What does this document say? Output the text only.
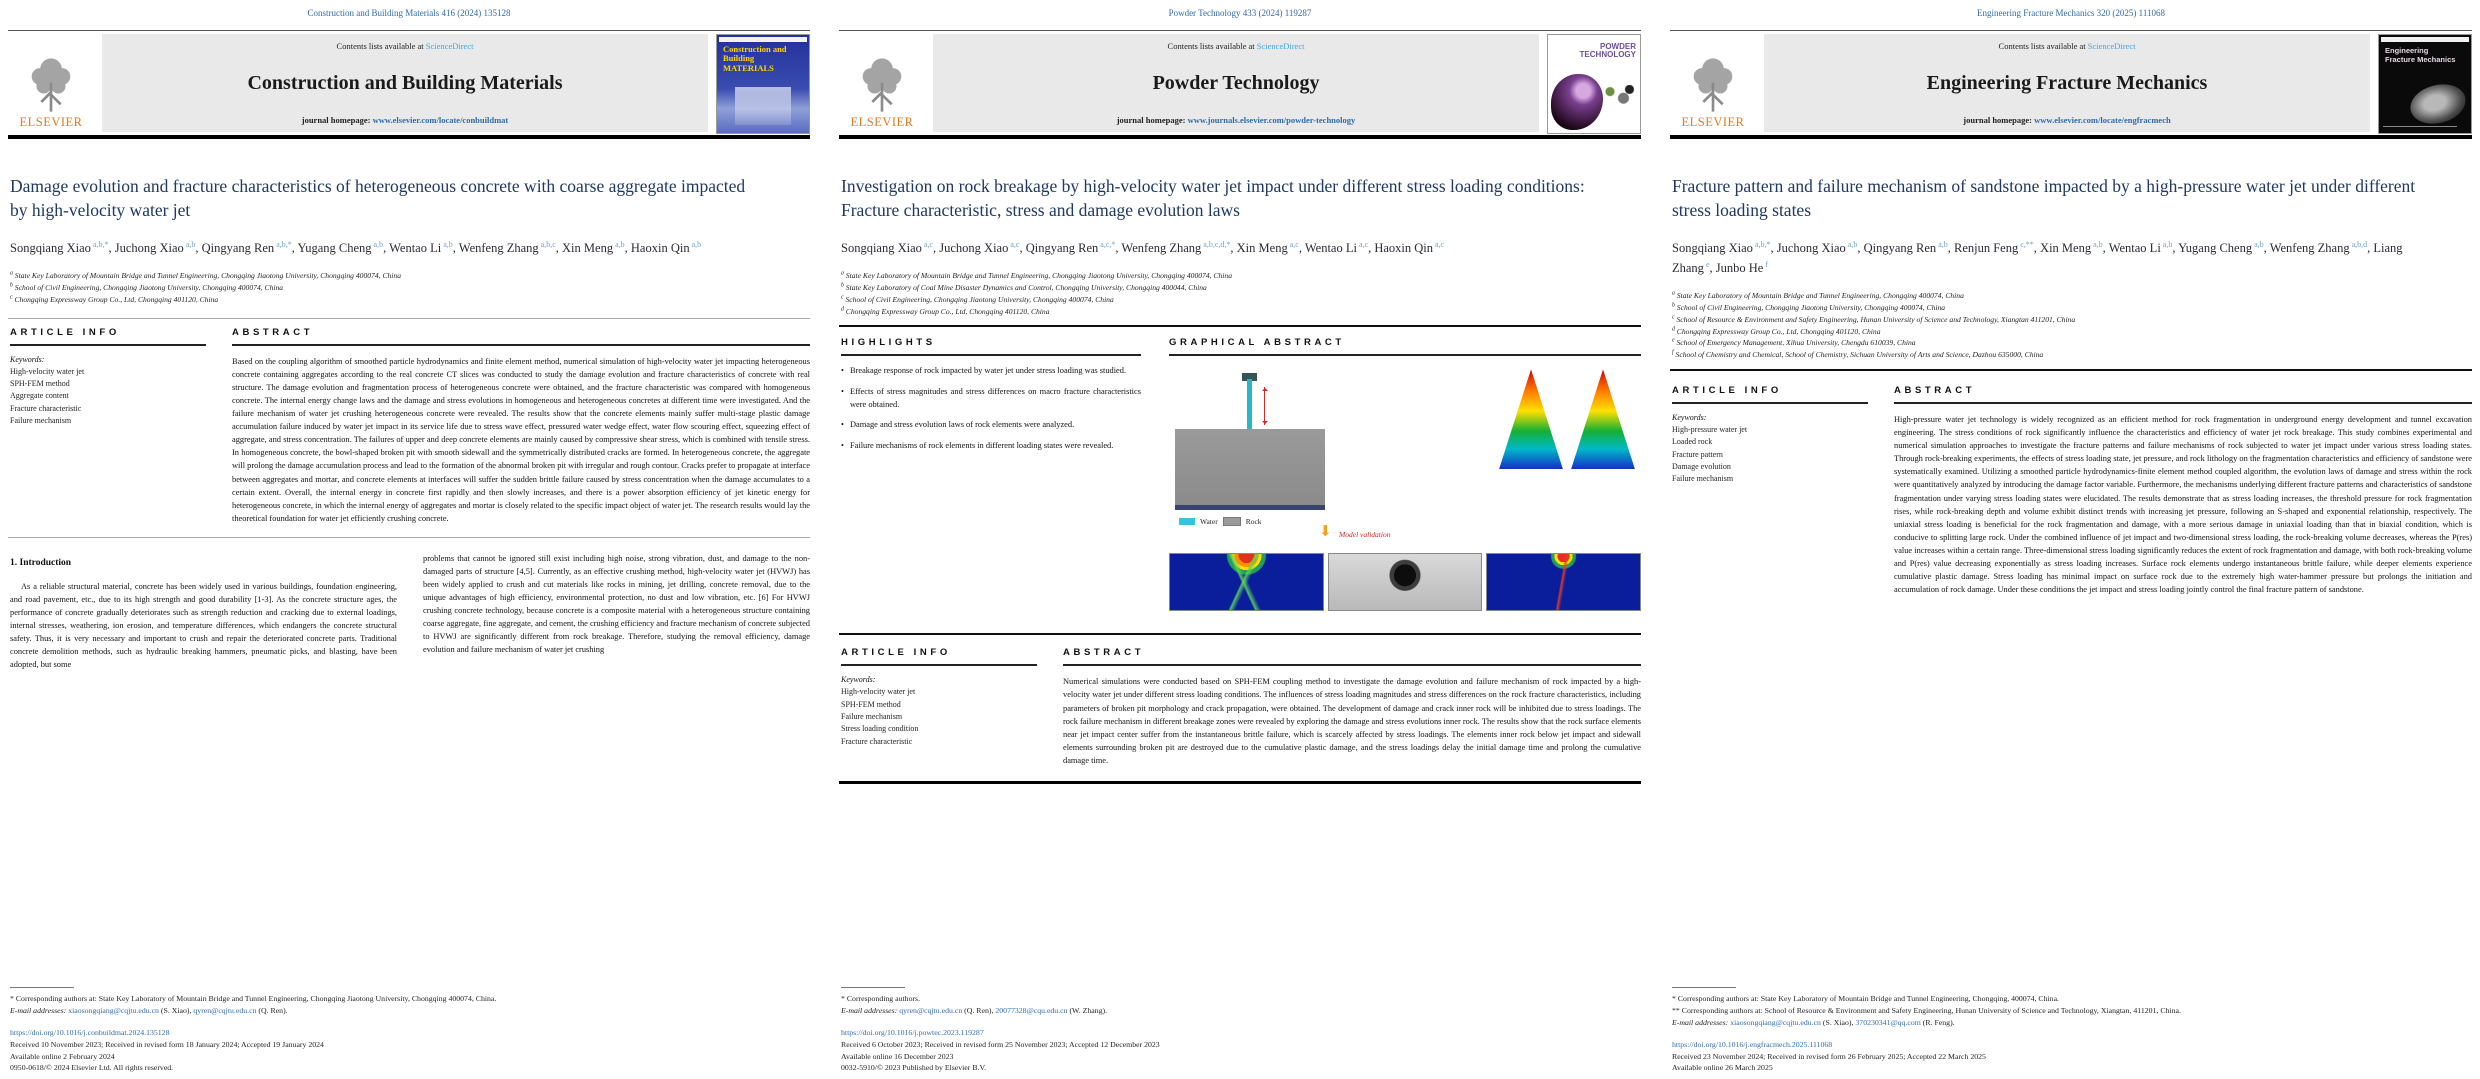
Construction and Building Materials 416 (2024) 135128
ELSEVIER
Contents lists available at ScienceDirect
Construction and Building Materials
journal homepage: www.elsevier.com/locate/conbuildmat
Construction and Building
MATERIALS
Damage evolution and fracture characteristics of heterogeneous concrete with coarse aggregate impacted by high-velocity water jet
Songqiang Xiao $^{a,b,*}$, Juchong Xiao $^{a,b}$, Qingyang Ren $^{a,b,*}$, Yugang Cheng $^{a,b}$, Wentao Li $^{a,b}$, Wenfeng Zhang $^{a,b,c}$, Xin Meng $^{a,b}$, Haoxin Qin $^{a,b}$
$^a$ State Key Laboratory of Mountain Bridge and Tunnel Engineering, Chongqing Jiaotong University, Chongqing 400074, China
$^b$ School of Civil Engineering, Chongqing Jiaotong University, Chongqing 400074, China
$^c$ Chongqing Expressway Group Co., Ltd, Chongqing 401120, China
ARTICLE INFO
Keywords:
High-velocity water jet
SPH-FEM method
Aggregate content
Fracture characteristic
Failure mechanism
ABSTRACT

Based on the coupling algorithm of smoothed particle hydrodynamics and finite element method, numerical simulation of high-velocity water jet impacting heterogeneous concrete containing aggregates according to the real concrete CT slices was conducted to study the damage evolution and fracture characteristics of concrete with real structure. The damage evolution and fragmentation process of heterogeneous concrete were obtained, and the fracture characteristic was compared with homogeneous concrete. The internal energy change laws and the damage and stress evolutions in homogeneous and heterogeneous concretes at different time were investigated. And the failure mechanism of water jet crushing heterogeneous concrete were revealed. The results show that the concrete elements mainly suffer multi-stage plastic damage accumulation failure induced by water jet impact in its service life due to stress wave effect, pressured water wedge effect, water flow scouring effect, squeezing effect of aggregate, and stress concentration. The failures of upper and deep concrete elements are mainly caused by compressive shear stress, which is combined with tensile stress. In homogeneous concrete, the bowl-shaped broken pit with smooth sidewall and the symmetrically distributed cracks are formed. In heterogeneous concrete, the aggregate will prolong the damage accumulation process and lead to the formation of the abnormal broken pit with irregular and rough contour. Cracks prefer to propagate at interface between aggregates and mortar, and concrete elements at interfaces will suffer the sudden brittle failure caused by stress concentration when the damage accumulates to a certain extent. Overall, the internal energy in concrete first rapidly and then slowly increases, and there is a power absorption efficiency of jet kinetic energy for heterogeneous concrete, in which the internal energy of aggregates and mortar is closely related to the specific impact object of water jet. The research results would lay the theoretical foundation for water jet efficiently crushing concrete.

1. Introduction

As a reliable structural material, concrete has been widely used in various buildings, foundation engineering, and road pavement, etc., due to its high strength and good durability [1-3]. As the concrete structure ages, the performance of concrete gradually deteriorates such as strength reduction and cracking due to external loadings, internal stresses, weathering, ion erosion, and temperature differences, which endangers the concrete structural safety. Thus, it is very necessary and important to crush and repair the deteriorated concrete parts. Traditional concrete demolition methods, such as hydraulic breaking hammers, pneumatic picks, and blasting, have been adopted, but some

problems that cannot be ignored still exist including high noise, strong vibration, dust, and damage to the non-damaged parts of structure [4,5]. Currently, as an effective crushing method, high-velocity water jet (HVWJ) has been widely applied to crush and cut materials like rocks in mining, jet drilling, concrete removal, due to the unique advantages of high efficiency, environmental protection, no dust and low vibration, etc. [6] For HVWJ crushing concrete technology, because concrete is a composite material with a heterogeneous structure containing coarse aggregate, fine aggregate, and cement, the crushing efficiency and fracture mechanism of concrete subjected to HVWJ are significantly different from rock breakage. Therefore, studying the removal efficiency, damage evolution and failure mechanism of water jet crushing

* Corresponding authors at: State Key Laboratory of Mountain Bridge and Tunnel Engineering, Chongqing Jiaotong University, Chongqing 400074, China.
E-mail addresses: xiaosongqiang@cqjtu.edu.cn (S. Xiao), qyren@cqjtu.edu.cn (Q. Ren).
https://doi.org/10.1016/j.conbuildmat.2024.135128
Received 10 November 2023; Received in revised form 18 January 2024; Accepted 19 January 2024
Available online 2 February 2024
0950-0618/© 2024 Elsevier Ltd. All rights reserved.
Powder Technology 433 (2024) 119287
ELSEVIER
Contents lists available at ScienceDirect
Powder Technology
journal homepage: www.journals.elsevier.com/powder-technology
POWDER
TECHNOLOGY
Investigation on rock breakage by high-velocity water jet impact under different stress loading conditions: Fracture characteristic, stress and damage evolution laws
Songqiang Xiao $^{a,c}$, Juchong Xiao $^{a,c}$, Qingyang Ren $^{a,c,*}$, Wenfeng Zhang $^{a,b,c,d,*}$, Xin Meng $^{a,c}$, Wentao Li $^{a,c}$, Haoxin Qin $^{a,c}$
$^a$ State Key Laboratory of Mountain Bridge and Tunnel Engineering, Chongqing Jiaotong University, Chongqing 400074, China
$^b$ State Key Laboratory of Coal Mine Disaster Dynamics and Control, Chongqing University, Chongqing 400044, China
$^c$ School of Civil Engineering, Chongqing Jiaotong University, Chongqing 400074, China
$^d$ Chongqing Expressway Group Co., Ltd, Chongqing 401120, China
HIGHLIGHTS
• Breakage response of rock impacted by water jet under stress loading was studied.
• Effects of stress magnitudes and stress differences on macro fracture characteristics were obtained.
• Damage and stress evolution laws of rock elements were analyzed.
• Failure mechanisms of rock elements in different loading states were revealed.
GRAPHICAL ABSTRACT
Water	Rock
⬇ Model validation
ARTICLE INFO
Keywords:
High-velocity water jet
SPH-FEM method
Failure mechanism
Stress loading condition
Fracture characteristic
ABSTRACT

Numerical simulations were conducted based on SPH-FEM coupling method to investigate the damage evolution and failure mechanism of rock impacted by a high-velocity water jet under different stress loading conditions. The influences of stress loading magnitudes and stress differences on the rock fracture characteristics, including parameters of broken pit morphology and crack propagation, were obtained. The development of damage and crack inner rock will be inhibited due to stress loadings. The rock failure mechanism in different breakage zones were revealed by exploring the damage and stress evolutions inner rock. The results show that the rock surface elements near jet impact center suffer from the instantaneous brittle failure, which is scarcely affected by stress loadings. The elements inner rock below jet impact and sidewall elements surrounding broken pit are destroyed due to the cumulative plastic damage, and the stress loadings delay the initial damage time and prolong the cumulative damage time.

* Corresponding authors.
E-mail addresses: qyren@cqjtu.edu.cn (Q. Ren), 20077328@cqu.edu.cn (W. Zhang).
https://doi.org/10.1016/j.powtec.2023.119287
Received 6 October 2023; Received in revised form 25 November 2023; Accepted 12 December 2023
Available online 16 December 2023
0032-5910/© 2023 Published by Elsevier B.V.
Engineering Fracture Mechanics 320 (2025) 111068
ELSEVIER
Contents lists available at ScienceDirect
Engineering Fracture Mechanics
journal homepage: www.elsevier.com/locate/engfracmech
Engineering
Fracture Mechanics
Fracture pattern and failure mechanism of sandstone impacted by a high-pressure water jet under different stress loading states
Songqiang Xiao $^{a,b,*}$, Juchong Xiao $^{a,b}$, Qingyang Ren $^{a,b}$, Renjun Feng $^{c,**}$, Xin Meng $^{a,b}$, Wentao Li $^{a,b}$, Yugang Cheng $^{a,b}$, Wenfeng Zhang $^{a,b,d}$, Liang Zhang $^e$, Junbo He $^f$
$^a$ State Key Laboratory of Mountain Bridge and Tunnel Engineering, Chongqing 400074, China
$^b$ School of Civil Engineering, Chongqing Jiaotong University, Chongqing 400074, China
$^c$ School of Resource & Environment and Safety Engineering, Hunan University of Science and Technology, Xiangtan 411201, China
$^d$ Chongqing Expressway Group Co., Ltd, Chongqing 401120, China
$^e$ School of Emergency Management, Xihua University, Chengdu 610039, China
$^f$ School of Chemistry and Chemical, School of Chemistry, Sichuan University of Arts and Science, Dazhou 635000, China
ARTICLE INFO
Keywords:
High-pressure water jet
Loaded rock
Fracture pattern
Damage evolution
Failure mechanism
ABSTRACT

High-pressure water jet technology is widely recognized as an efficient method for rock fragmentation in underground energy development and tunnel excavation engineering. The stress conditions of rock significantly influence the characteristics and efficiency of water jet rock breakage. This study combines experimental and numerical simulation approaches to investigate the fracture patterns and failure mechanisms of rock subjected to water jet impact under various stress loading states. Through rock-breaking experiments, the effects of stress loading state, jet pressure, and rock lithology on the fragmentation characteristics and efficiency of sandstone were systematically examined. Utilizing a smoothed particle hydrodynamics-finite element method coupled algorithm, the evolution laws of damage and stress within the rock were quantitatively analyzed by introducing the damage factor variable. Furthermore, the mechanisms underlying different fracture patterns and characteristics of sandstone fragmentation under varying stress loading states were elucidated. The results demonstrate that as stress loading increases, the threshold pressure for rock fragmentation rises, while rock-breaking depth and volume exhibit distinct trends with increasing jet pressure, following an S-shaped and exponential relationship, respectively. The uniaxial stress loading is beneficial for the rock fragmentation and damage, with a more serious damage in uniaxial loading than that in biaxial condition, which is conducive to splitting large rock. Under the combined influence of jet impact and two-dimensional stress loading, the rock-breaking volume decreases, whereas the P(res) value increases within a certain range. Three-dimensional stress loading significantly reduces the extent of rock fragmentation and damage, with both rock-breaking volume and P(res) value decreasing exponentially as stress loading increases. Surface rock elements undergo instantaneous brittle failure, while deeper elements experience cumulative plastic damage. Stress loading has minimal impact on surface rock due to the extremely high water-hammer pressure but prolongs the initiation and accumulation of rock damage. Under these conditions the jet impact and stress loading jointly control the final fracture pattern of sandstone.

* Corresponding authors at: State Key Laboratory of Mountain Bridge and Tunnel Engineering, Chongqing, 400074, China.
** Corresponding authors at: School of Resource & Environment and Safety Engineering, Hunan University of Science and Technology, Xiangtan, 411201, China.
E-mail addresses: xiaosongqiang@cqjtu.edu.cn (S. Xiao), 370230341@qq.com (R. Feng).
https://doi.org/10.1016/j.engfracmech.2025.111068
Received 23 November 2024; Received in revised form 26 February 2025; Accepted 22 March 2025
Available online 26 March 2025
